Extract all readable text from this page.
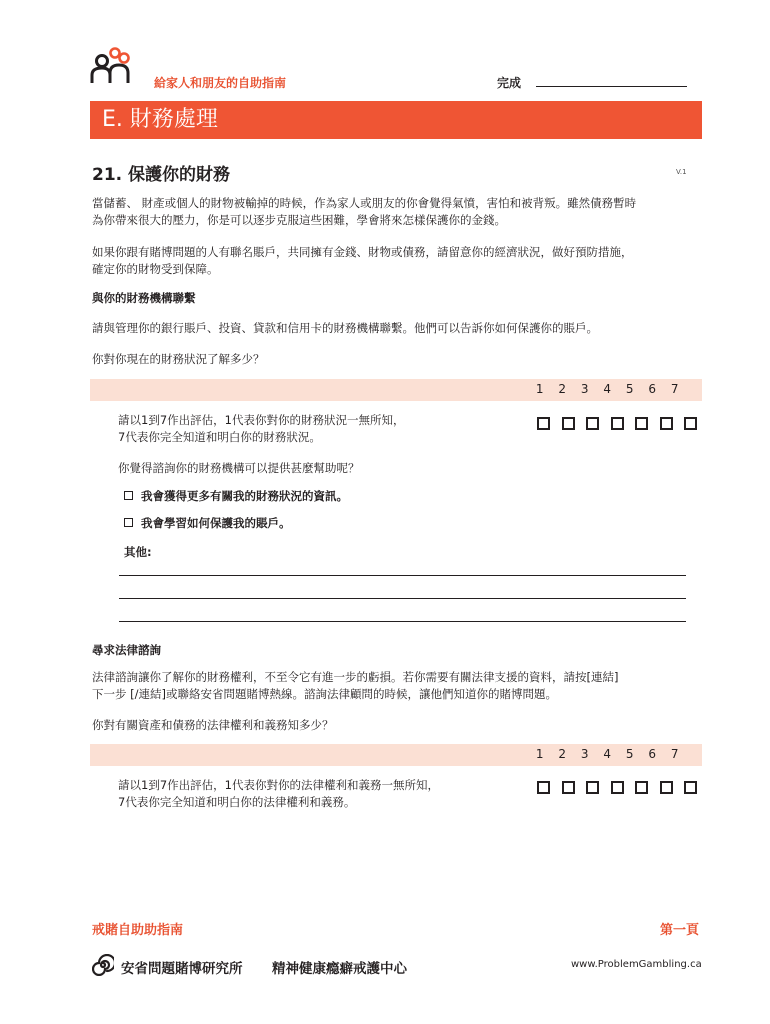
給家人和朋友的自助指南	完成
E. 財務處理
21. 保護你的財務	V.1
當儲蓄、 財產或個人的財物被輸掉的時候，作為家人或朋友的你會覺得氣憤，害怕和被背叛。雖然債務暫時
為你帶來很大的壓力，你是可以逐步克服這些困難，學會將來怎樣保護你的金錢。
如果你跟有賭博問題的人有聯名賬戶，共同擁有金錢、財物或債務，請留意你的經濟狀況，做好預防措施，
確定你的財物受到保障。
與你的財務機構聯繫
請與管理你的銀行賬戶、投資、貸款和信用卡的財務機構聯繫。他們可以告訴你如何保護你的賬戶。
你對你現在的財務狀況了解多少？
1	2	3	4	5	6	7
請以1到7作出評估，1代表你對你的財務狀況一無所知，
7代表你完全知道和明白你的財務狀況。
你覺得諮詢你的財務機構可以提供甚麼幫助呢？
我會獲得更多有關我的財務狀況的資訊。
我會學習如何保護我的賬戶。
其他:
尋求法律諮詢
法律諮詢讓你了解你的財務權利，不至令它有進一步的虧損。若你需要有關法律支援的資料，請按[連結]
下一步 [/連結]或聯絡安省問題賭博熱線。諮詢法律顧問的時候，讓他們知道你的賭博問題。
你對有關資產和債務的法律權利和義務知多少？
1	2	3	4	5	6	7
請以1到7作出評估，1代表你對你的法律權利和義務一無所知，
7代表你完全知道和明白你的法律權利和義務。
戒賭自助助指南	第一頁
安省問題賭博研究所 精神健康瘾癖戒護中心	www.ProblemGambling.ca
